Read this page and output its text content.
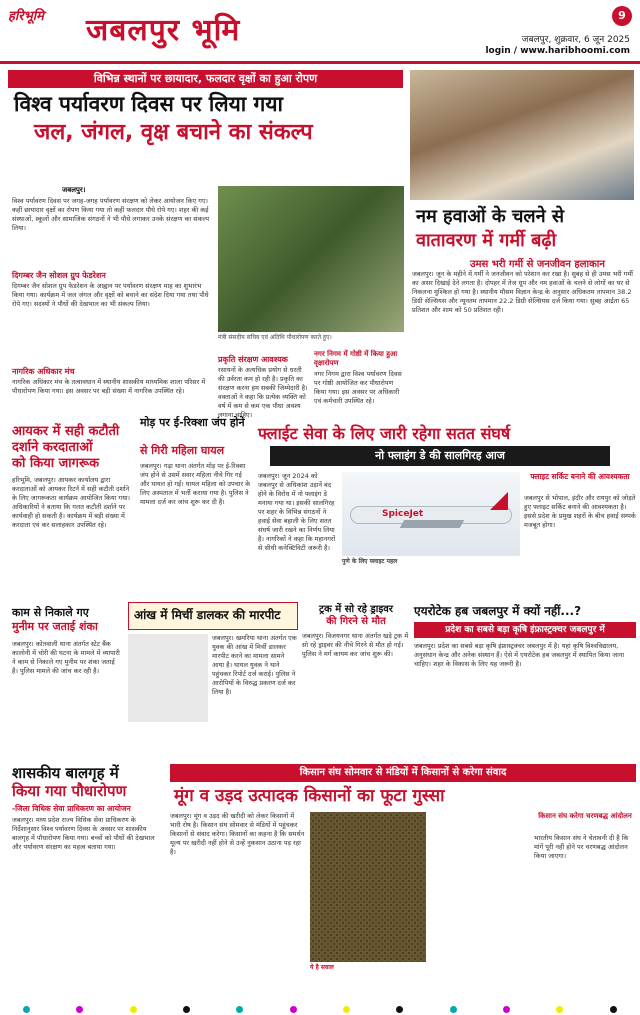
हरिभूमि जबलपुर भूमि	9
जबलपुर, शुक्रवार, 6 जून 2025
login / www.haribhoomi.com
विभिन्न स्थानों पर छायादार, फलदार वृक्षों का हुआ रोपण
विश्व पर्यावरण दिवस पर लिया गया
जल, जंगल, वृक्ष बचाने का संकल्प
जबलपुर।
विश्व पर्यावरण दिवस पर जगह-जगह पर्यावरण संरक्षण को लेकर आयोजन किए गए। कहीं छायादार वृक्षों का रोपण किया गया तो कहीं फलदार पौधे रोपे गए। शहर की कई संस्थाओं, स्कूलों और सामाजिक संगठनों ने भी पौधे लगाकर उनके संरक्षण का संकल्प लिया।
दिगम्बर जैन सोशल ग्रुप फेडरेशन
दिगम्बर जैन सोशल ग्रुप फेडरेशन के आह्वान पर पर्यावरण संरक्षण माह का शुभारंभ किया गया। कार्यक्रम में जल जंगल और वृक्षों को बचाने का संदेश दिया गया तथा पौधे रोपे गए। सदस्यों ने पौधों की देखभाल का भी संकल्प लिया।
नागरिक अधिकार मंच
नागरिक अधिकार मंच के तत्वावधान में स्थानीय शासकीय माध्यमिक शाला परिसर में पौधारोपण किया गया। इस अवसर पर बड़ी संख्या में नागरिक उपस्थित रहे।
मंत्री संसदीय सचिव एवं अतिथि पौधारोपण करते हुए।
प्रकृति संरक्षण आवश्यक
रसायनों के अत्यधिक प्रयोग से धरती की उर्वरता कम हो रही है। प्रकृति का संरक्षण करना हम सबकी जिम्मेदारी है। वक्ताओं ने कहा कि प्रत्येक व्यक्ति को वर्ष में कम से कम एक पौधा अवश्य लगाना चाहिए।
नगर निगम में गोष्ठी में किया हुआ वृक्षारोपण
नगर निगम द्वारा विश्व पर्यावरण दिवस पर गोष्ठी आयोजित कर पौधारोपण किया गया। इस अवसर पर अधिकारी एवं कर्मचारी उपस्थित रहे।
नम हवाओं के चलने से
वातावरण में गर्मी बढ़ी
उमस भरी गर्मी से जनजीवन हलाकान
जबलपुर। जून के महीने में गर्मी ने जनजीवन को परेशान कर रखा है। सुबह से ही उमस भरी गर्मी का असर दिखाई देने लगता है। दोपहर में तेज धूप और नम हवाओं के चलने से लोगों का घर से निकलना मुश्किल हो गया है। स्थानीय मौसम विज्ञान केन्द्र के अनुसार अधिकतम तापमान 38.2 डिग्री सेल्सियस और न्यूनतम तापमान 22.2 डिग्री सेल्सियस दर्ज किया गया। सुबह आर्द्रता 65 प्रतिशत और शाम को 50 प्रतिशत रही।
आयकर में सही कटौती
दर्शाने करदाताओं
को किया जागरूक
हरिभूमि, जबलपुर। आयकर कार्यालय द्वारा करदाताओं को आयकर रिटर्न में सही कटौती दर्शाने के लिए जागरूकता कार्यक्रम आयोजित किया गया। अधिकारियों ने बताया कि गलत कटौती दर्शाने पर कार्यवाही हो सकती है। कार्यक्रम में बड़ी संख्या में करदाता एवं कर सलाहकार उपस्थित रहे।
मोड़ पर ई-रिक्शा जंप होने
से गिरी महिला घायल
जबलपुर। गढ़ा थाना अंतर्गत मोड़ पर ई-रिक्शा जंप होने से उसमें सवार महिला नीचे गिर गई और घायल हो गई। घायल महिला को उपचार के लिए अस्पताल में भर्ती कराया गया है। पुलिस ने मामला दर्ज कर जांच शुरू कर दी है।
फ्लाईट सेवा के लिए जारी रहेगा सतत संघर्ष
नो फ्लाइंग डे की सालगिरह आज
जबलपुर। जून 2024 को जबलपुर से अधिकांश उड़ानें बंद होने के विरोध में नो फ्लाइंग डे मनाया गया था। इसकी सालगिरह पर शहर के विभिन्न संगठनों ने हवाई सेवा बहाली के लिए सतत संघर्ष जारी रखने का निर्णय लिया है। नागरिकों ने कहा कि महानगरों से सीधी कनेक्टिविटी जरूरी है।
SpiceJet
पुणे के लिए फ्लाइट पहल
फ्लाइट सर्किट बनाने की आवश्यकता
जबलपुर से भोपाल, इंदौर और रायपुर को जोड़ते हुए फ्लाइट सर्किट बनाने की आवश्यकता है। इससे प्रदेश के प्रमुख शहरों के बीच हवाई सम्पर्क मजबूत होगा।
काम से निकाले गए
मुनीम पर जताई शंका
जबलपुर। कोतवाली थाना अंतर्गत स्टेट बैंक कालोनी में चोरी की घटना के मामले में व्यापारी ने काम से निकाले गए मुनीम पर शंका जताई है। पुलिस मामले की जांच कर रही है।
आंख में मिर्ची डालकर की मारपीट
जबलपुर। खमरिया थाना अंतर्गत एक युवक की आंख में मिर्ची डालकर मारपीट करने का मामला सामने आया है। घायल युवक ने थाने पहुंचकर रिपोर्ट दर्ज कराई। पुलिस ने आरोपियों के विरुद्ध प्रकरण दर्ज कर लिया है।
ट्रक में सो रहे ड्राइवर
की गिरने से मौत
जबलपुर। विजयनगर थाना अंतर्गत खड़े ट्रक में सो रहे ड्राइवर की नीचे गिरने से मौत हो गई। पुलिस ने मर्ग कायम कर जांच शुरू की।
एयरोटेक हब जबलपुर में क्यों नहीं...?
प्रदेश का सबसे बड़ा कृषि इंफ्रास्ट्रक्चर जबलपुर में
जबलपुर। प्रदेश का सबसे बड़ा कृषि इंफ्रास्ट्रक्चर जबलपुर में है। यहां कृषि विश्वविद्यालय, अनुसंधान केन्द्र और अनेक संस्थान हैं। ऐसे में एयरोटेक हब जबलपुर में स्थापित किया जाना चाहिए। शहर के विकास के लिए यह जरूरी है।
शासकीय बालगृह में
किया गया पौधारोपण
-जिला विधिक सेवा प्राधिकरण का आयोजन
जबलपुर। मध्य प्रदेश राज्य विधिक सेवा प्राधिकरण के निर्देशानुसार विश्व पर्यावरण दिवस के अवसर पर शासकीय बालगृह में पौधारोपण किया गया। बच्चों को पौधों की देखभाल और पर्यावरण संरक्षण का महत्व बताया गया।
किसान संघ सोमवार से मंडियों में किसानों से करेगा संवाद
मूंग व उड़द उत्पादक किसानों का फूटा गुस्सा
जबलपुर। मूंग व उड़द की खरीदी को लेकर किसानों में भारी रोष है। किसान संघ सोमवार से मंडियों में पहुंचकर किसानों से संवाद करेगा। किसानों का कहना है कि समर्थन मूल्य पर खरीदी नहीं होने से उन्हें नुकसान उठाना पड़ रहा है।
ये है सवाल
किसान संघ करेगा चरणबद्ध आंदोलन
भारतीय किसान संघ ने चेतावनी दी है कि मांगें पूरी नहीं होने पर चरणबद्ध आंदोलन किया जाएगा।
